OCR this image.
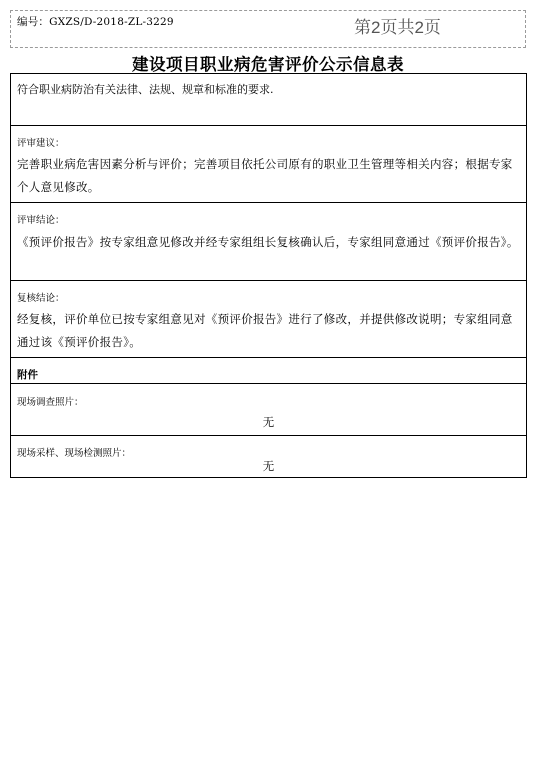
编号：GXZS/D-2018-ZL-3229	第2页共2页
建设项目职业病危害评价公示信息表
符合职业病防治有关法律、法规、规章和标准的要求.
评审建议：
完善职业病危害因素分析与评价；完善项目依托公司原有的职业卫生管理等相关内容；根据专家个人意见修改。
评审结论：
《预评价报告》按专家组意见修改并经专家组组长复核确认后，专家组同意通过《预评价报告》。
复核结论：
经复核，评价单位已按专家组意见对《预评价报告》进行了修改，并提供修改说明；专家组同意通过该《预评价报告》。
附件
现场调查照片：
无
现场采样、现场检测照片：
无
